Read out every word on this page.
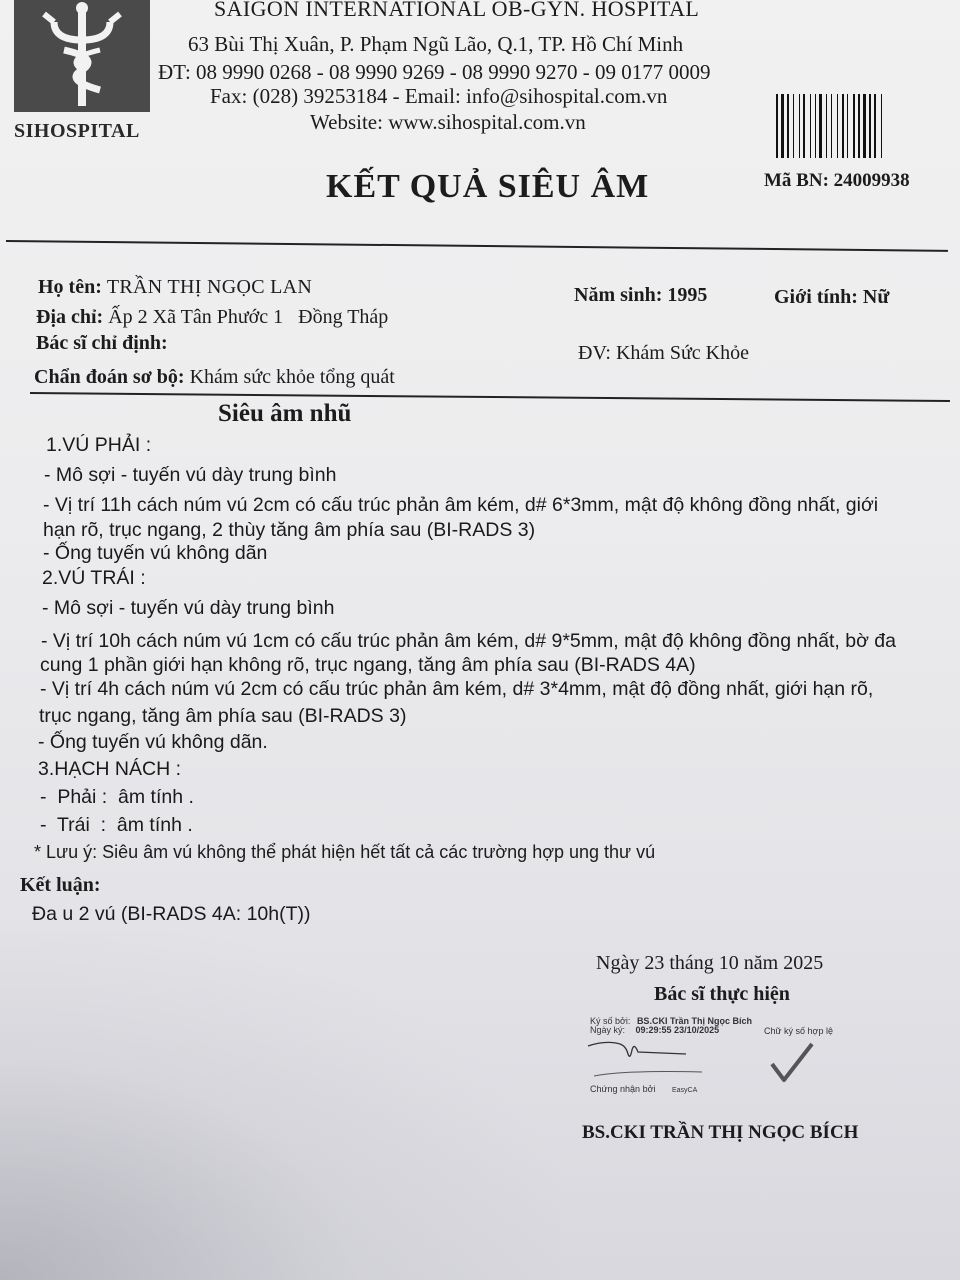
SIHOSPITAL
SAIGON INTERNATIONAL OB-GYN. HOSPITAL
63 Bùi Thị Xuân, P. Phạm Ngũ Lão, Q.1, TP. Hồ Chí Minh
ĐT: 08 9990 0268 - 08 9990 9269 - 08 9990 9270 - 09 0177 0009
Fax: (028) 39253184 - Email: info@sihospital.com.vn
Website: www.sihospital.com.vn
Mã BN: 24009938
KẾT QUẢ SIÊU ÂM
Họ tên: TRẦN THỊ NGỌC LAN	Năm sinh: 1995	Giới tính: Nữ
Địa chỉ: Ấp 2 Xã Tân Phước 1   Đồng Tháp
Bác sĩ chỉ định:	ĐV: Khám Sức Khỏe
Chẩn đoán sơ bộ: Khám sức khỏe tổng quát
Siêu âm nhũ
1.VÚ PHẢI :
- Mô sợi - tuyến vú dày trung bình
- Vị trí 11h cách núm vú 2cm có cấu trúc phản âm kém, d# 6*3mm, mật độ không đồng nhất, giới
hạn rõ, trục ngang, 2 thùy tăng âm phía sau (BI-RADS 3)
- Ống tuyến vú không dãn
2.VÚ TRÁI :
- Mô sợi - tuyến vú dày trung bình
- Vị trí 10h cách núm vú 1cm có cấu trúc phản âm kém, d# 9*5mm, mật độ không đồng nhất, bờ đa
cung 1 phần giới hạn không rõ, trục ngang, tăng âm phía sau (BI-RADS 4A)
- Vị trí 4h cách núm vú 2cm có cấu trúc phản âm kém, d# 3*4mm, mật độ đồng nhất, giới hạn rõ,
trục ngang, tăng âm phía sau (BI-RADS 3)
- Ống tuyến vú không dãn.
3.HẠCH NÁCH :
-  Phải :  âm tính .
-  Trái  :  âm tính .
* Lưu ý: Siêu âm vú không thể phát hiện hết tất cả các trường hợp ung thư vú
Kết luận:
Đa u 2 vú (BI-RADS 4A: 10h(T))
Ngày 23 tháng 10 năm 2025
Bác sĩ thực hiện
Ký số bởi: BS.CKI Trần Thị Ngọc Bích
Ngày ký: 09:29:55 23/10/2025	Chữ ký số hợp lệ
Chứng nhận bởi EasyCA
BS.CKI TRẦN THỊ NGỌC BÍCH
